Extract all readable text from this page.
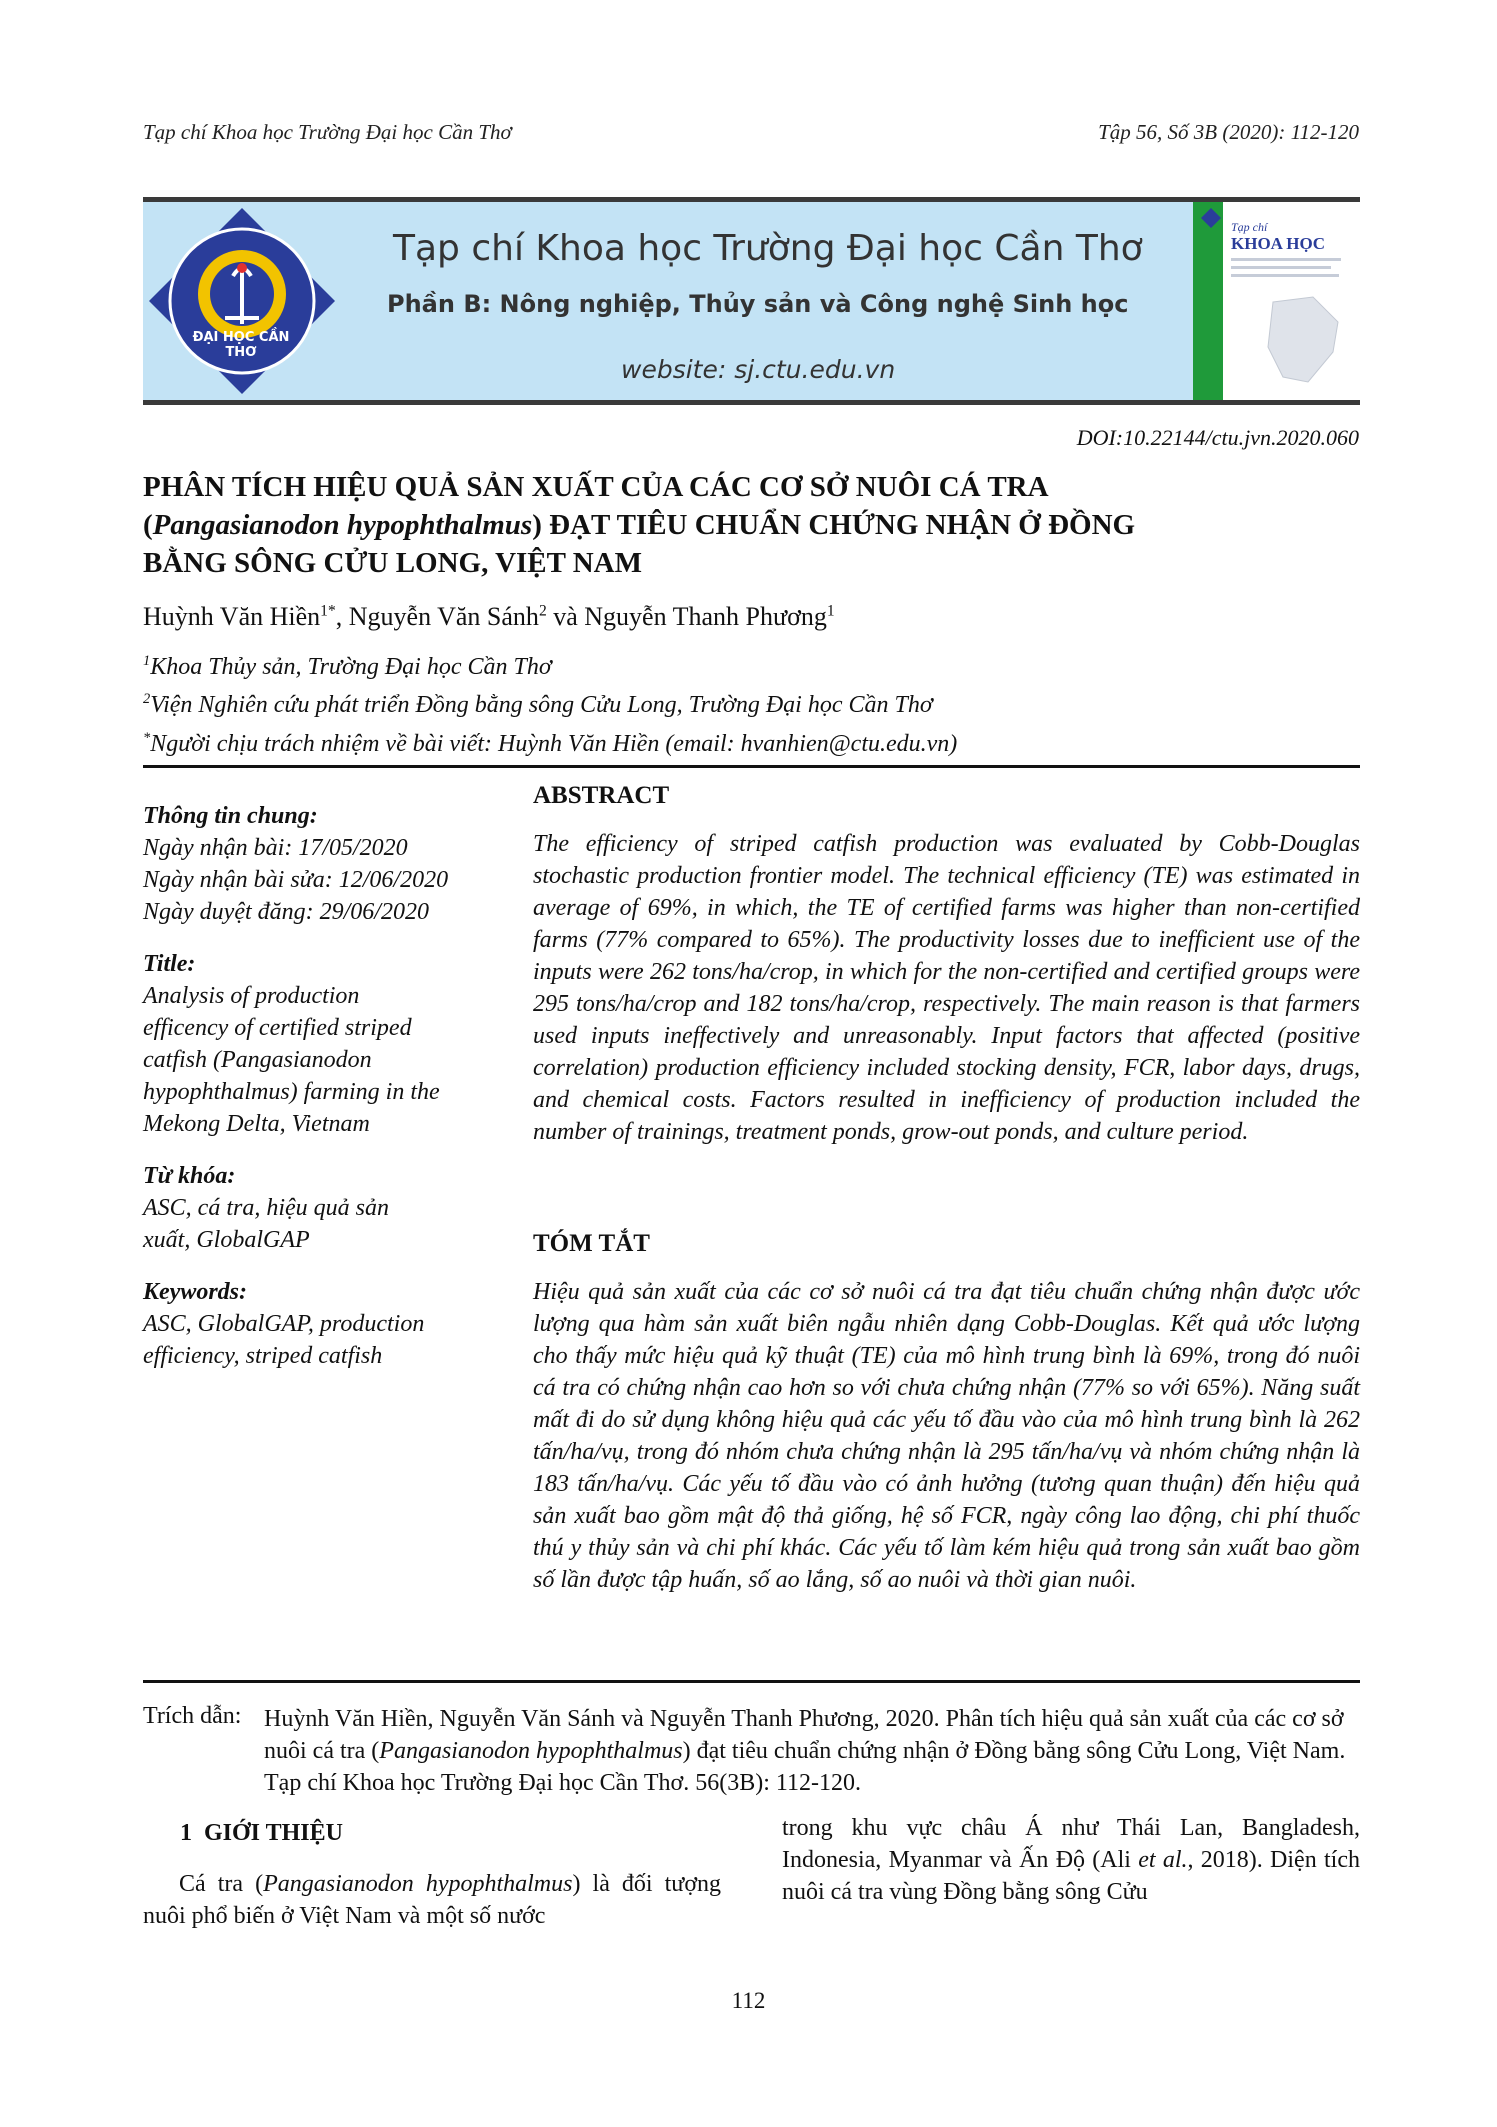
Tạp chí Khoa học Trường Đại học Cần Thơ	Tập 56, Số 3B (2020): 112-120
ĐẠI HỌC CẦN THƠ
Tạp chí Khoa học Trường Đại học Cần Thơ
Phần B: Nông nghiệp, Thủy sản và Công nghệ Sinh học
website: sj.ctu.edu.vn
Tạp chí
KHOA HỌC
DOI:10.22144/ctu.jvn.2020.060
PHÂN TÍCH HIỆU QUẢ SẢN XUẤT CỦA CÁC CƠ SỞ NUÔI CÁ TRA
(Pangasianodon hypophthalmus) ĐẠT TIÊU CHUẨN CHỨNG NHẬN Ở ĐỒNG
BẰNG SÔNG CỬU LONG, VIỆT NAM
Huỳnh Văn Hiền$^{1*}$, Nguyễn Văn Sánh$^2$ và Nguyễn Thanh Phương$^1$
$^1$Khoa Thủy sản, Trường Đại học Cần Thơ
$^2$Viện Nghiên cứu phát triển Đồng bằng sông Cửu Long, Trường Đại học Cần Thơ
*Người chịu trách nhiệm về bài viết: Huỳnh Văn Hiền (email: hvanhien@ctu.edu.vn)
Thông tin chung:
Ngày nhận bài: 17/05/2020
Ngày nhận bài sửa: 12/06/2020
Ngày duyệt đăng: 29/06/2020
Title:
Analysis of production
efficency of certified striped
catfish (Pangasianodon
hypophthalmus) farming in the
Mekong Delta, Vietnam
Từ khóa:
ASC, cá tra, hiệu quả sản
xuất, GlobalGAP
Keywords:
ASC, GlobalGAP, production
efficiency, striped catfish
ABSTRACT
The efficiency of striped catfish production was evaluated by Cobb-Douglas stochastic production frontier model. The technical efficiency (TE) was estimated in average of 69%, in which, the TE of certified farms was higher than non-certified farms (77% compared to 65%). The productivity losses due to inefficient use of the inputs were 262 tons/ha/crop, in which for the non-certified and certified groups were 295 tons/ha/crop and 182 tons/ha/crop, respectively. The main reason is that farmers used inputs ineffectively and unreasonably. Input factors that affected (positive correlation) production efficiency included stocking density, FCR, labor days, drugs, and chemical costs. Factors resulted in inefficiency of production included the number of trainings, treatment ponds, grow-out ponds, and culture period.
TÓM TẮT
Hiệu quả sản xuất của các cơ sở nuôi cá tra đạt tiêu chuẩn chứng nhận được ước lượng qua hàm sản xuất biên ngẫu nhiên dạng Cobb-Douglas. Kết quả ước lượng cho thấy mức hiệu quả kỹ thuật (TE) của mô hình trung bình là 69%, trong đó nuôi cá tra có chứng nhận cao hơn so với chưa chứng nhận (77% so với 65%). Năng suất mất đi do sử dụng không hiệu quả các yếu tố đầu vào của mô hình trung bình là 262 tấn/ha/vụ, trong đó nhóm chưa chứng nhận là 295 tấn/ha/vụ và nhóm chứng nhận là 183 tấn/ha/vụ. Các yếu tố đầu vào có ảnh hưởng (tương quan thuận) đến hiệu quả sản xuất bao gồm mật độ thả giống, hệ số FCR, ngày công lao động, chi phí thuốc thú y thủy sản và chi phí khác. Các yếu tố làm kém hiệu quả trong sản xuất bao gồm số lần được tập huấn, số ao lắng, số ao nuôi và thời gian nuôi.
Trích dẫn: Huỳnh Văn Hiền, Nguyễn Văn Sánh và Nguyễn Thanh Phương, 2020. Phân tích hiệu quả sản xuất của các cơ sở nuôi cá tra (Pangasianodon hypophthalmus) đạt tiêu chuẩn chứng nhận ở Đồng bằng sông Cửu Long, Việt Nam. Tạp chí Khoa học Trường Đại học Cần Thơ. 56(3B): 112-120.
1 GIỚI THIỆU
Cá tra (Pangasianodon hypophthalmus) là đối tượng nuôi phổ biến ở Việt Nam và một số nước
trong khu vực châu Á như Thái Lan, Bangladesh, Indonesia, Myanmar và Ấn Độ (Ali et al., 2018). Diện tích nuôi cá tra vùng Đồng bằng sông Cửu
112
